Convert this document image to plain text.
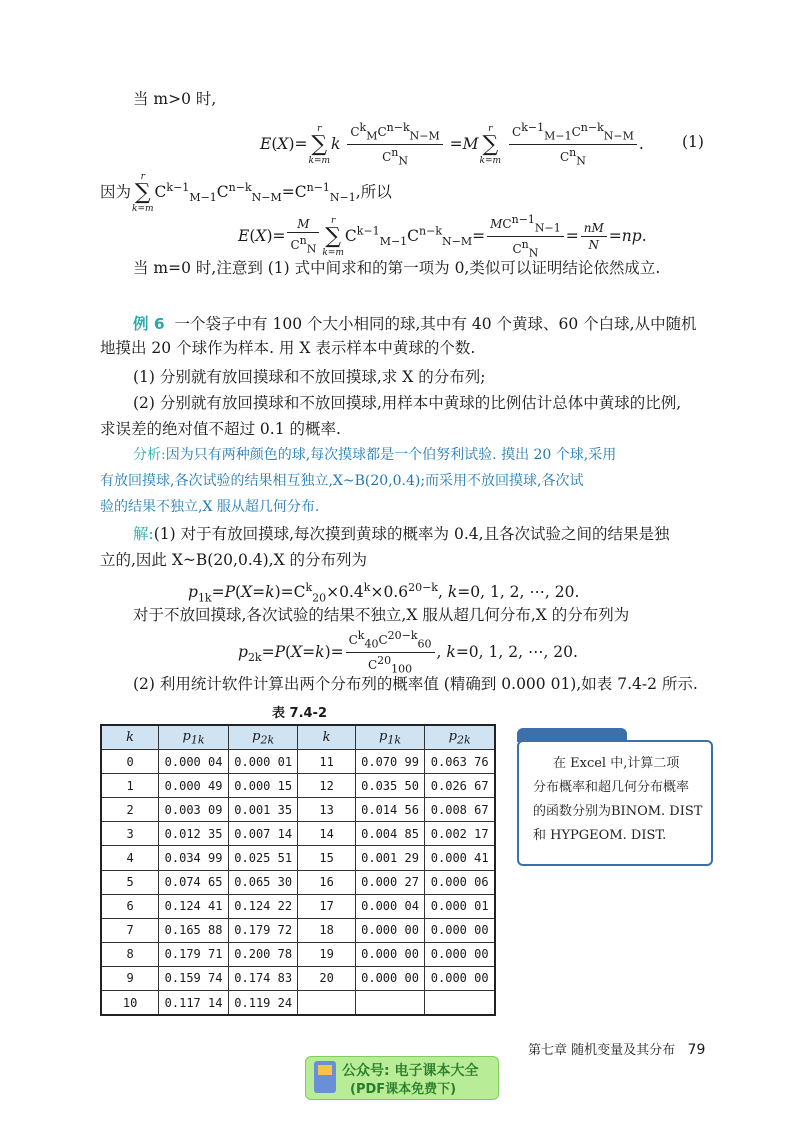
当 m>0 时,
E(X)=
r
∑
k=m
k $\frac{C^k_MC^{n-k}_{N-M}}{C^n_N} =M$
r
∑
k=m
$\frac{C^{k-1}_{M-1}C^{n-k}_{N-M}}{C^n_N}$ . (1)
因为
r
∑
k=m
$C^{k-1}_{M-1}C^{n-k}_{N-M}=C^{n-1}_{N-1}$,所以
$E(X)= \frac{M}{C^n_N}$	r
∑
k=m
$C^{k-1}_{M-1}C^{n-k}_{N-M}= \frac{MC^{n-1}_{N-1}}{C^n_N} = \frac{nM}{N} =np$.
当 m=0 时,注意到 (1) 式中间求和的第一项为 0,类似可以证明结论依然成立.
例 6 一个袋子中有 100 个大小相同的球,其中有 40 个黄球、60 个白球,从中随机
地摸出 20 个球作为样本. 用 X 表示样本中黄球的个数.
(1) 分别就有放回摸球和不放回摸球,求 X 的分布列;
(2) 分别就有放回摸球和不放回摸球,用样本中黄球的比例估计总体中黄球的比例,
求误差的绝对值不超过 0.1 的概率.
分析:因为只有两种颜色的球,每次摸球都是一个伯努利试验. 摸出 20 个球,采用
有放回摸球,各次试验的结果相互独立,X~B(20,0.4);而采用不放回摸球,各次试
验的结果不独立,X 服从超几何分布.
解:(1) 对于有放回摸球,每次摸到黄球的概率为 0.4,且各次试验之间的结果是独
立的,因此 X~B(20,0.4),X 的分布列为
$p_{1k}=P(X=k)=C^k_{20}\times 0.4^k\times 0.6^{20-k}$, k=0, 1, 2, ⋯, 20.
对于不放回摸球,各次试验的结果不独立,X 服从超几何分布,X 的分布列为
$p_{2k}=P(X=k)= \frac{C^k_{40}C^{20-k}_{60}}{C^{20}_{100}}$ , k=0, 1, 2, ⋯, 20.
(2) 利用统计软件计算出两个分布列的概率值 (精确到 0.000 01),如表 7.4-2 所示.
表 7.4-2
k	$p_{1k}$	$p_{2k}$	k	$p_{1k}$	$p_{2k}$
0	0.000 04	0.000 01	11	0.070 99	0.063 76
1	0.000 49	0.000 15	12	0.035 50	0.026 67
2	0.003 09	0.001 35	13	0.014 56	0.008 67
3	0.012 35	0.007 14	14	0.004 85	0.002 17
4	0.034 99	0.025 51	15	0.001 29	0.000 41
5	0.074 65	0.065 30	16	0.000 27	0.000 06
6	0.124 41	0.124 22	17	0.000 04	0.000 01
7	0.165 88	0.179 72	18	0.000 00	0.000 00
8	0.179 71	0.200 78	19	0.000 00	0.000 00
9	0.159 74	0.174 83	20	0.000 00	0.000 00
10	0.117 14	0.119 24			
在 Excel 中,计算二项
分布概率和超几何分布概率
的函数分别为BINOM. DIST
和 HYPGEOM. DIST.
第七章 随机变量及其分布 79
公众号: 电子课本大全
(PDF课本免费下)
